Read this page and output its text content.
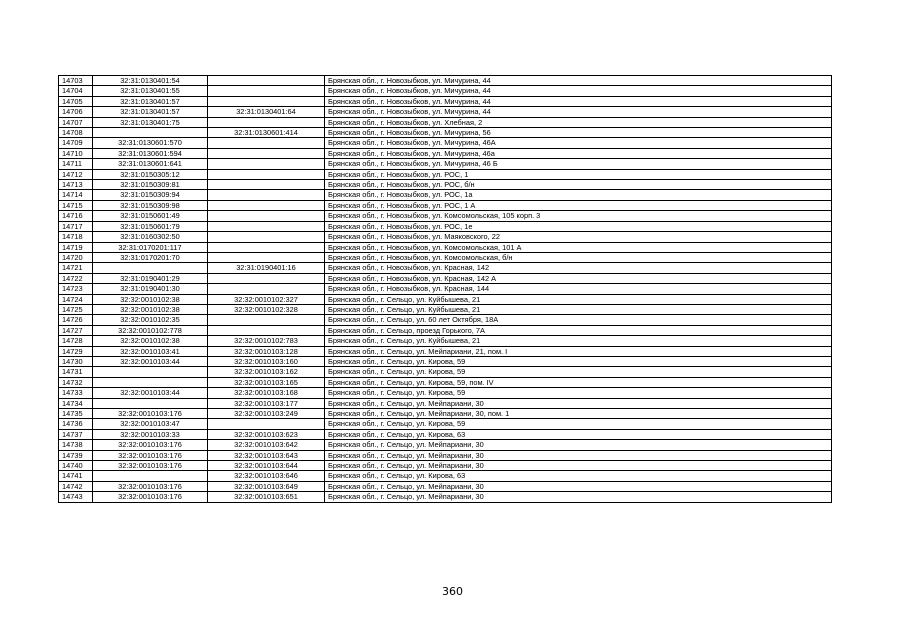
14703	32:31:0130401:54		Брянская обл., г. Новозыбков, ул. Мичурина, 44
14704	32:31:0130401:55		Брянская обл., г. Новозыбков, ул. Мичурина, 44
14705	32:31:0130401:57		Брянская обл., г. Новозыбков, ул. Мичурина, 44
14706	32:31:0130401:57	32:31:0130401:64	Брянская обл., г. Новозыбков, ул. Мичурина, 44
14707	32:31:0130401:75		Брянская обл., г. Новозыбков, ул. Хлебная, 2
14708		32:31:0130601:414	Брянская обл., г. Новозыбков, ул. Мичурина, 56
14709	32:31:0130601:570		Брянская обл., г. Новозыбков, ул. Мичурина, 46А
14710	32:31:0130601:594		Брянская обл., г. Новозыбков, ул. Мичурина, 46а
14711	32:31:0130601:641		Брянская обл., г. Новозыбков, ул. Мичурина, 46 Б
14712	32:31:0150305:12		Брянская обл., г. Новозыбков, ул. РОС, 1
14713	32:31:0150309:81		Брянская обл., г. Новозыбков, ул. РОС, б/н
14714	32:31:0150309:94		Брянская обл., г. Новозыбков, ул. РОС, 1а
14715	32:31:0150309:98		Брянская обл., г. Новозыбков, ул. РОС, 1 А
14716	32:31:0150601:49		Брянская обл., г. Новозыбков, ул. Комсомольская, 105 корп. 3
14717	32:31:0150601:79		Брянская обл., г. Новозыбков, ул. РОС, 1е
14718	32:31:0160302:50		Брянская обл., г. Новозыбков, ул. Маяковского, 22
14719	32:31:0170201:117		Брянская обл., г. Новозыбков, ул. Комсомольская, 101 А
14720	32:31:0170201:70		Брянская обл., г. Новозыбков, ул. Комсомольская, б/н
14721		32:31:0190401:16	Брянская обл., г. Новозыбков, ул. Красная, 142
14722	32:31:0190401:29		Брянская обл., г. Новозыбков, ул. Красная, 142 А
14723	32:31:0190401:30		Брянская обл., г. Новозыбков, ул. Красная, 144
14724	32:32:0010102:38	32:32:0010102:327	Брянская обл., г. Сельцо, ул. Куйбышева, 21
14725	32:32:0010102:38	32:32:0010102:328	Брянская обл., г. Сельцо, ул. Куйбышева, 21
14726	32:32:0010102:35		Брянская обл., г. Сельцо, ул. 60 лет Октября, 18А
14727	32:32:0010102:778		Брянская обл., г. Сельцо, проезд Горького, 7А
14728	32:32:0010102:38	32:32:0010102:783	Брянская обл., г. Сельцо, ул. Куйбышева, 21
14729	32:32:0010103:41	32:32:0010103:128	Брянская обл., г. Сельцо, ул. Мейпариани, 21, пом. I
14730	32:32:0010103:44	32:32:0010103:160	Брянская обл., г. Сельцо, ул. Кирова, 59
14731		32:32:0010103:162	Брянская обл., г. Сельцо, ул. Кирова, 59
14732		32:32:0010103:165	Брянская обл., г. Сельцо, ул. Кирова, 59, пом. IV
14733	32:32:0010103:44	32:32:0010103:168	Брянская обл., г. Сельцо, ул. Кирова, 59
14734		32:32:0010103:177	Брянская обл., г. Сельцо, ул. Мейпариани, 30
14735	32:32:0010103:176	32:32:0010103:249	Брянская обл., г. Сельцо, ул. Мейпариани, 30, пом. 1
14736	32:32:0010103:47		Брянская обл., г. Сельцо, ул. Кирова, 59
14737	32:32:0010103:33	32:32:0010103:623	Брянская обл., г. Сельцо, ул. Кирова, 63
14738	32:32:0010103:176	32:32:0010103:642	Брянская обл., г. Сельцо, ул. Мейпариани, 30
14739	32:32:0010103:176	32:32:0010103:643	Брянская обл., г. Сельцо, ул. Мейпариани, 30
14740	32:32:0010103:176	32:32:0010103:644	Брянская обл., г. Сельцо, ул. Мейпариани, 30
14741		32:32:0010103:646	Брянская обл., г. Сельцо, ул. Кирова, 63
14742	32:32:0010103:176	32:32:0010103:649	Брянская обл., г. Сельцо, ул. Мейпариани, 30
14743	32:32:0010103:176	32:32:0010103:651	Брянская обл., г. Сельцо, ул. Мейпариани, 30
360
